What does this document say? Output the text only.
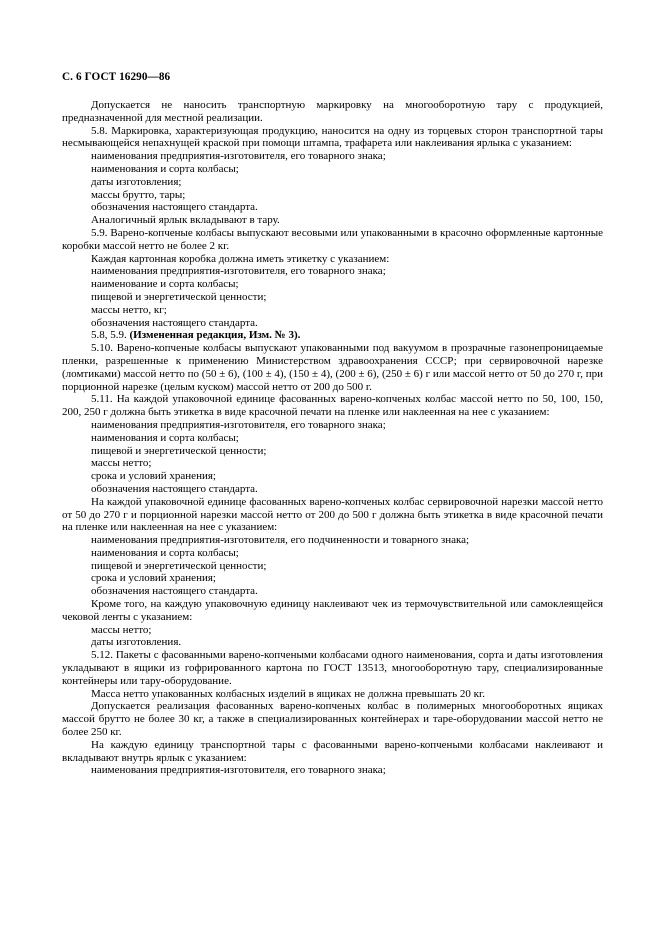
С. 6 ГОСТ 16290—86

Допускается не наносить транспортную маркировку на многооборотную тару с продукцией, предназначенной для местной реализации.

5.8. Маркировка, характеризующая продукцию, наносится на одну из торцевых сторон транспортной тары несмывающейся непахнущей краской при помощи штампа, трафарета или наклеивания ярлыка с указанием:

наименования предприятия-изготовителя, его товарного знака;

наименования и сорта колбасы;

даты изготовления;

массы брутто, тары;

обозначения настоящего стандарта.

Аналогичный ярлык вкладывают в тару.

5.9. Варено-копченые колбасы выпускают весовыми или упакованными в красочно оформленные картонные коробки массой нетто не более 2 кг.

Каждая картонная коробка должна иметь этикетку с указанием:

наименования предприятия-изготовителя, его товарного знака;

наименование и сорта колбасы;

пищевой и энергетической ценности;

массы нетто, кг;

обозначения настоящего стандарта.

5.8, 5.9. (Измененная редакция, Изм. № 3).

5.10. Варено-копченые колбасы выпускают упакованными под вакуумом в прозрачные газонепроницаемые пленки, разрешенные к применению Министерством здравоохранения СССР; при сервировочной нарезке (ломтиками) массой нетто по (50 ± 6), (100 ± 4), (150 ± 4), (200 ± 6), (250 ± 6) г или массой нетто от 50 до 270 г, при порционной нарезке (целым куском) массой нетто от 200 до 500 г.

5.11. На каждой упаковочной единице фасованных варено-копченых колбас массой нетто по 50, 100, 150, 200, 250 г должна быть этикетка в виде красочной печати на пленке или наклеенная на нее с указанием:

наименования предприятия-изготовителя, его товарного знака;

наименования и сорта колбасы;

пищевой и энергетической ценности;

массы нетто;

срока и условий хранения;

обозначения настоящего стандарта.

На каждой упаковочной единице фасованных варено-копченых колбас сервировочной нарезки массой нетто от 50 до 270 г и порционной нарезки массой нетто от 200 до 500 г должна быть этикетка в виде красочной печати на пленке или наклеенная на нее с указанием:

наименования предприятия-изготовителя, его подчиненности и товарного знака;

наименования и сорта колбасы;

пищевой и энергетической ценности;

срока и условий хранения;

обозначения настоящего стандарта.

Кроме того, на каждую упаковочную единицу наклеивают чек из термочувствительной или самоклеящейся чековой ленты с указанием:

массы нетто;

даты изготовления.

5.12. Пакеты с фасованными варено-копчеными колбасами одного наименования, сорта и даты изготовления укладывают в ящики из гофрированного картона по ГОСТ 13513, многооборотную тару, специализированные контейнеры или тару-оборудование.

Масса нетто упакованных колбасных изделий в ящиках не должна превышать 20 кг.

Допускается реализация фасованных варено-копченых колбас в полимерных многооборотных ящиках массой брутто не более 30 кг, а также в специализированных контейнерах и таре-оборудовании массой нетто не более 250 кг.

На каждую единицу транспортной тары с фасованными варено-копчеными колбасами наклеивают и вкладывают внутрь ярлык с указанием:

наименования предприятия-изготовителя, его товарного знака;
